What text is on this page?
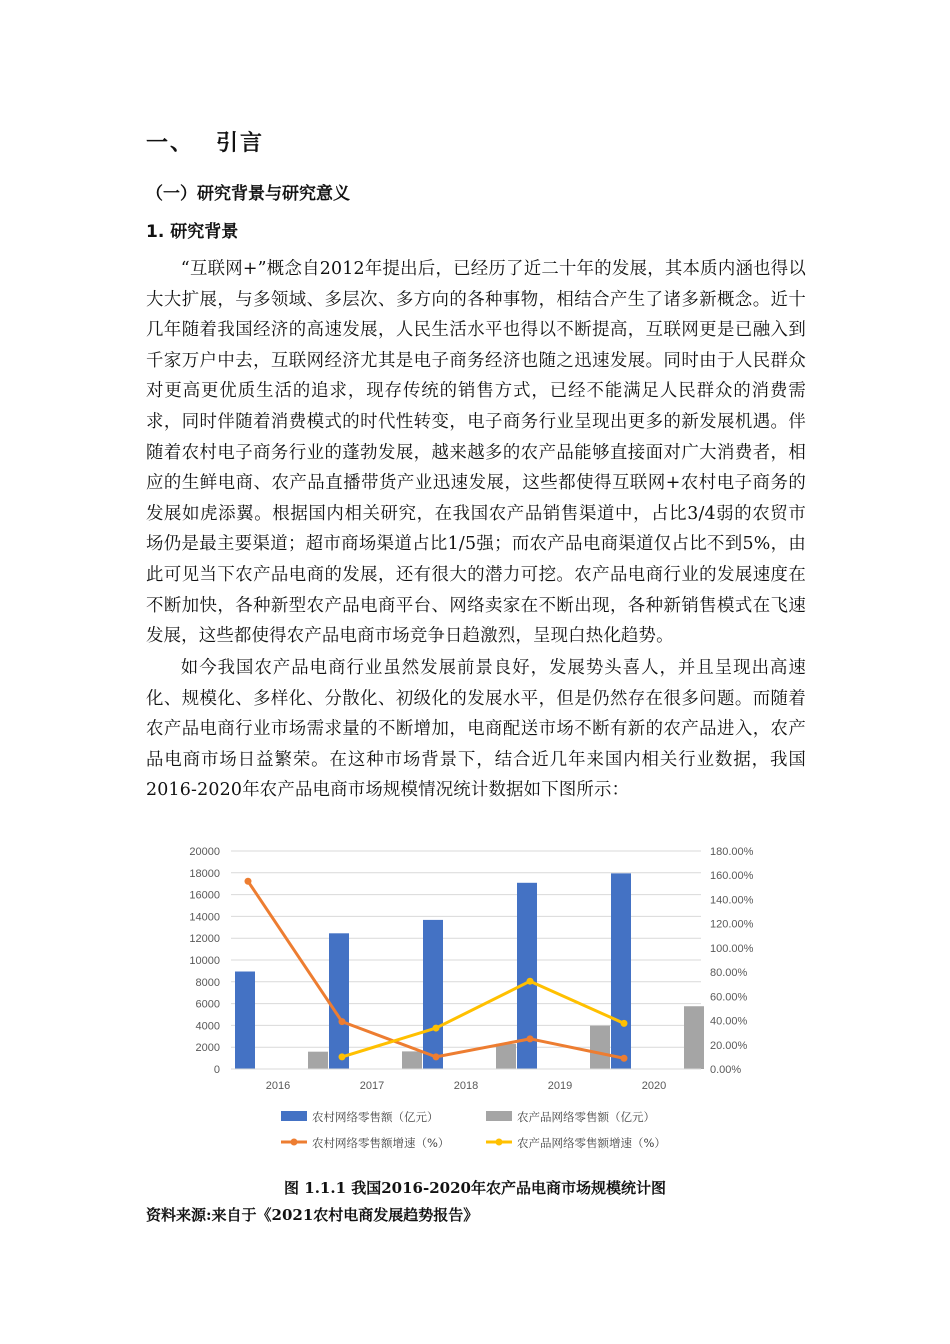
一、 引言
（一）研究背景与研究意义
1. 研究背景

“互联网+”概念自2012年提出后，已经历了近二十年的发展，其本质内涵也得以大大扩展，与多领域、多层次、多方向的各种事物，相结合产生了诸多新概念。近十几年随着我国经济的高速发展，人民生活水平也得以不断提高，互联网更是已融入到千家万户中去，互联网经济尤其是电子商务经济也随之迅速发展。同时由于人民群众对更高更优质生活的追求，现存传统的销售方式，已经不能满足人民群众的消费需求，同时伴随着消费模式的时代性转变，电子商务行业呈现出更多的新发展机遇。伴随着农村电子商务行业的蓬勃发展，越来越多的农产品能够直接面对广大消费者，相应的生鲜电商、农产品直播带货产业迅速发展，这些都使得互联网+农村电子商务的发展如虎添翼。根据国内相关研究，在我国农产品销售渠道中，占比3/4弱的农贸市场仍是最主要渠道；超市商场渠道占比1/5强；而农产品电商渠道仅占比不到5%，由此可见当下农产品电商的发展，还有很大的潜力可挖。农产品电商行业的发展速度在不断加快，各种新型农产品电商平台、网络卖家在不断出现，各种新销售模式在飞速发展，这些都使得农产品电商市场竞争日趋激烈，呈现白热化趋势。

如今我国农产品电商行业虽然发展前景良好，发展势头喜人，并且呈现出高速化、规模化、多样化、分散化、初级化的发展水平，但是仍然存在很多问题。而随着农产品电商行业市场需求量的不断增加，电商配送市场不断有新的农产品进入，农产品电商市场日益繁荣。在这种市场背景下，结合近几年来国内相关行业数据，我国2016-2020年农产品电商市场规模情况统计数据如下图所示：

0
2000
4000
6000
8000
10000
12000
14000
16000
18000
20000
0.00%
20.00%
40.00%
60.00%
80.00%
100.00%
120.00%
140.00%
160.00%
180.00%
2016	2017	2018	2019	2020
农村网络零售额（亿元）	农产品网络零售额（亿元）
农村网络零售额增速（%）	农产品网络零售额增速（%）
图 1.1.1 我国2016-2020年农产品电商市场规模统计图
资料来源:来自于《2021农村电商发展趋势报告》
